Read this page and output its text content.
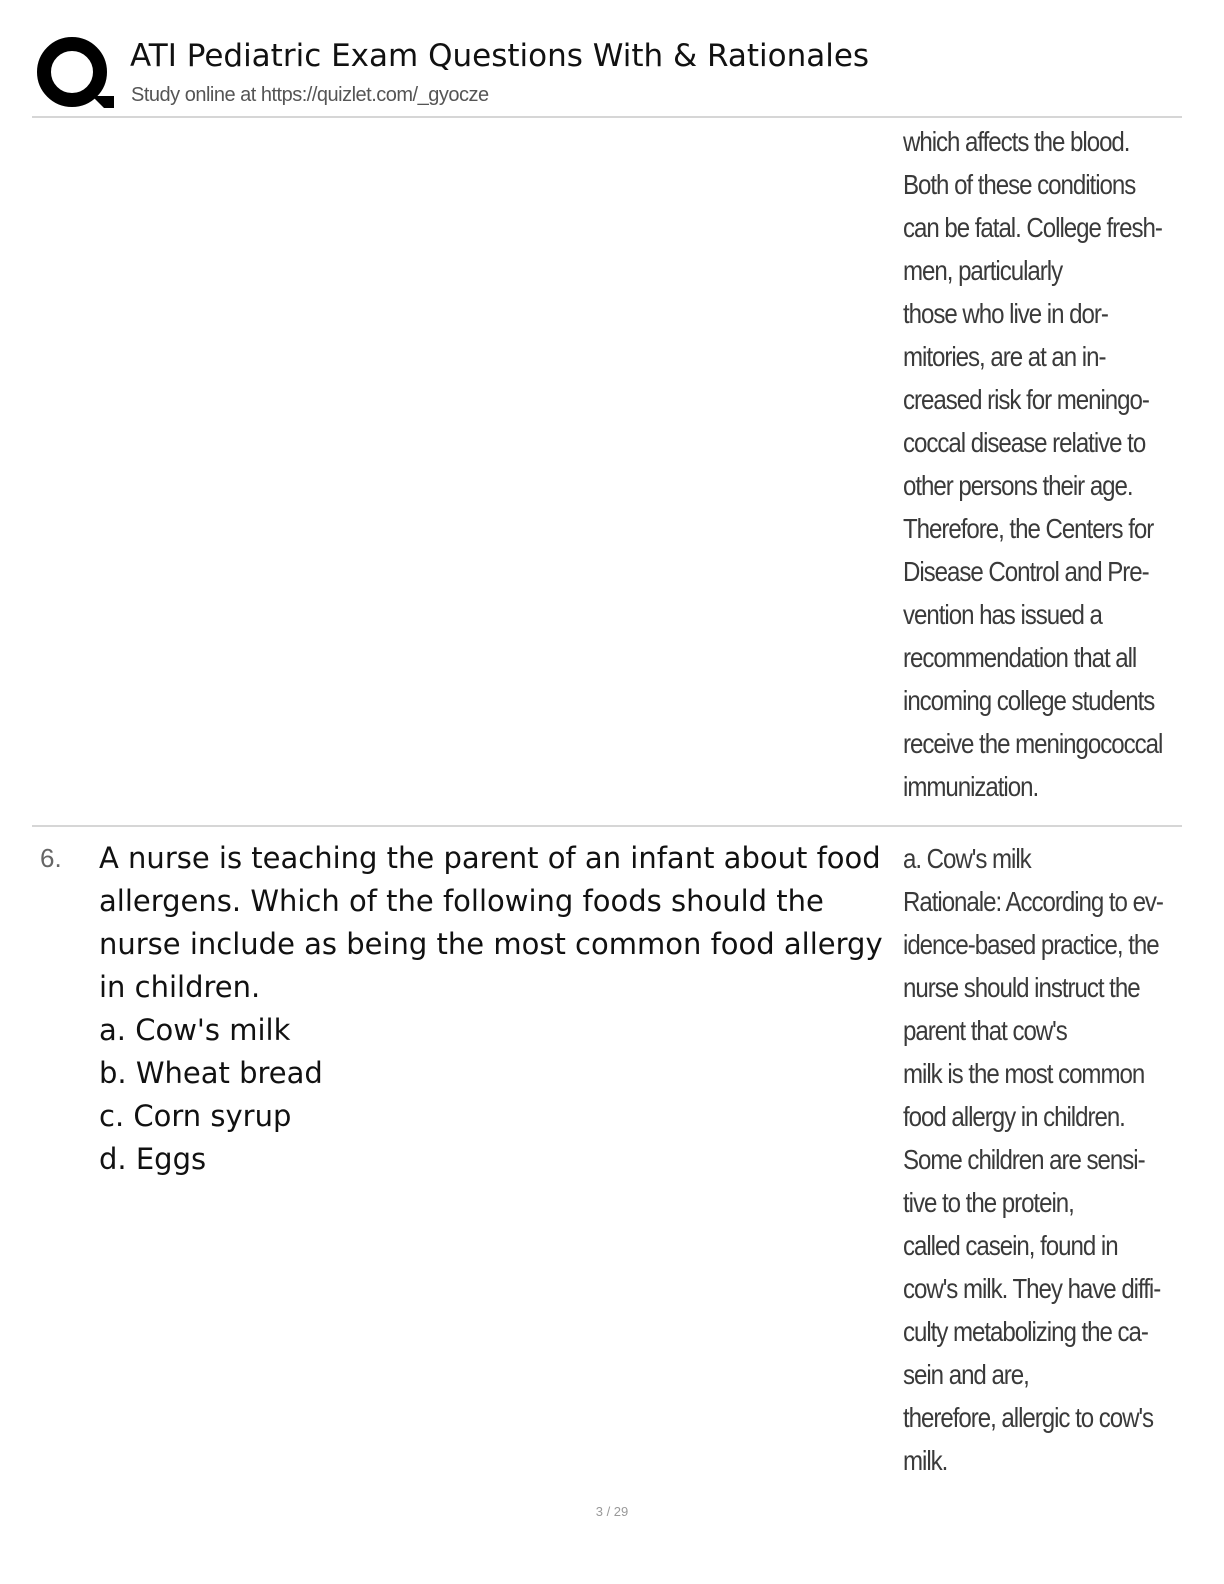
ATI Pediatric Exam Questions With & Rationales
Study online at https://quizlet.com/_gyocze
which affects the blood.
Both of these conditions
can be fatal. College fresh-
men, particularly
those who live in dor-
mitories, are at an in-
creased risk for meningo-
coccal disease relative to
other persons their age.
Therefore, the Centers for
Disease Control and Pre-
vention has issued a
recommendation that all
incoming college students
receive the meningococcal
immunization.
6. A nurse is teaching the parent of an infant about food
allergens. Which of the following foods should the
nurse include as being the most common food allergy
in children.
a. Cow's milk
b. Wheat bread
c. Corn syrup
d. Eggs
a. Cow's milk
Rationale: According to ev-
idence-based practice, the
nurse should instruct the
parent that cow's
milk is the most common
food allergy in children.
Some children are sensi-
tive to the protein,
called casein, found in
cow's milk. They have diffi-
culty metabolizing the ca-
sein and are,
therefore, allergic to cow's
milk.
3 / 29
